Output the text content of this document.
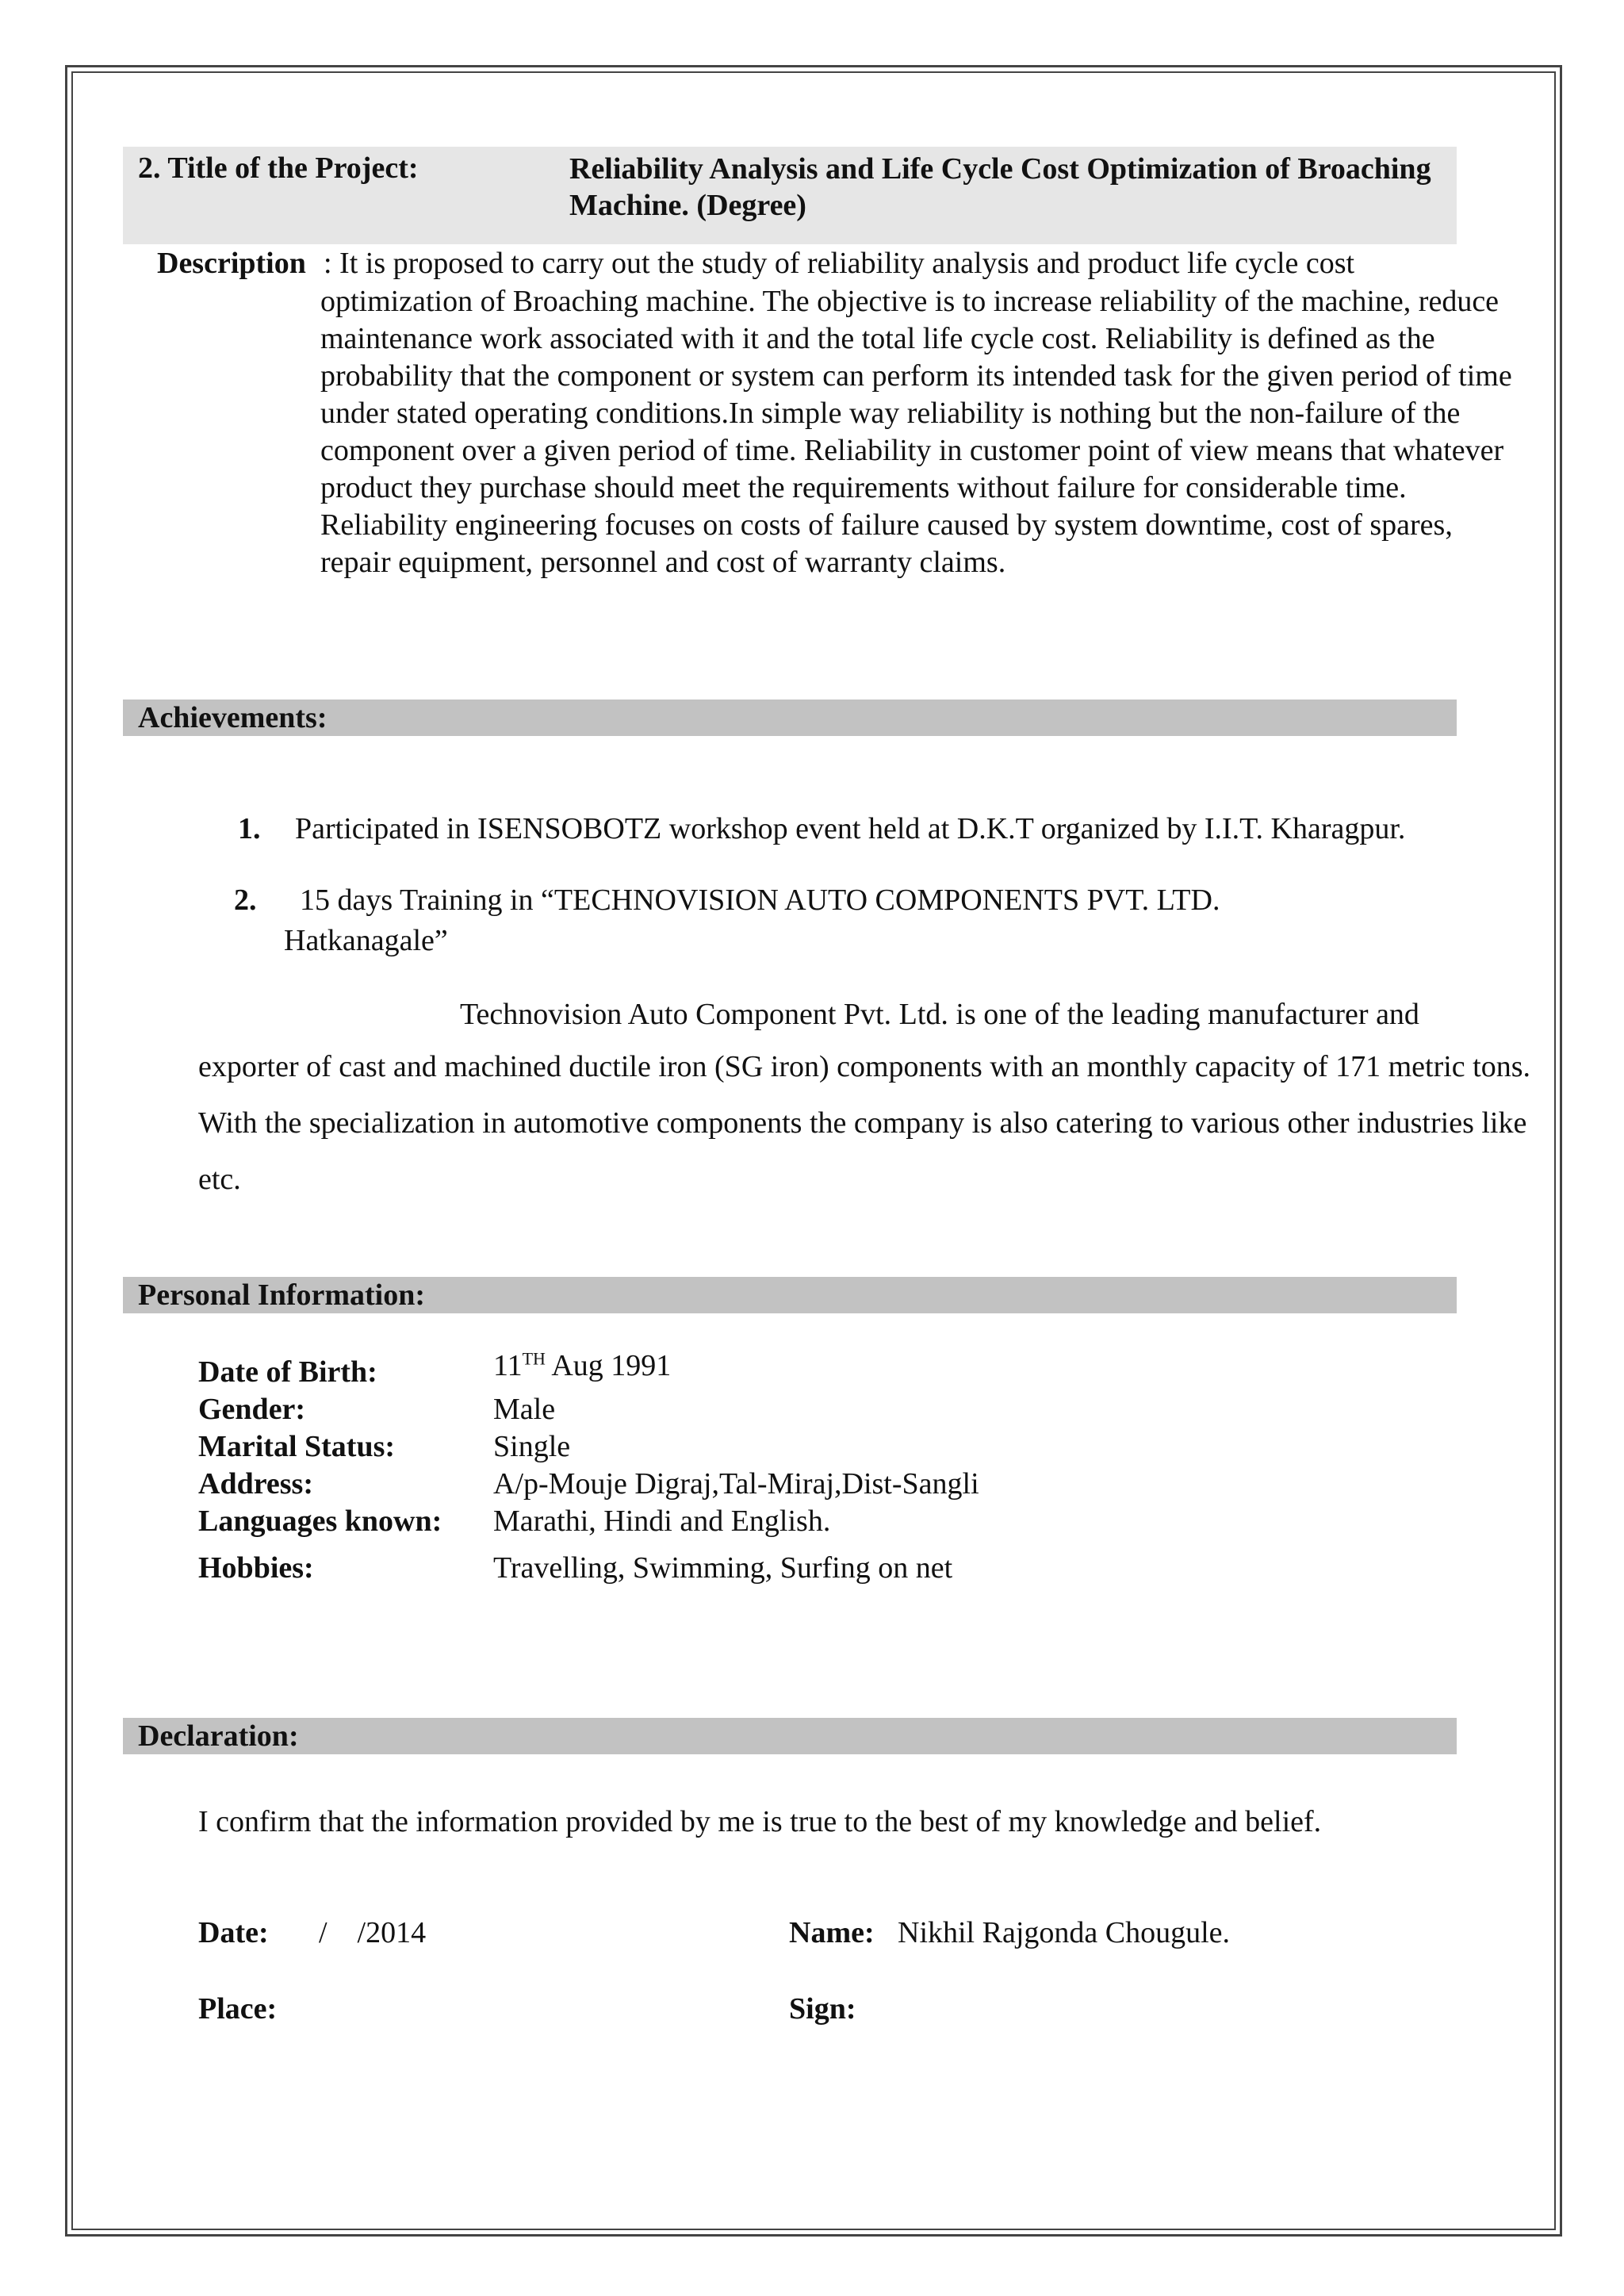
2. Title of the Project:	Reliability Analysis and Life Cycle Cost Optimization of Broaching Machine. (Degree)
Description : It is proposed to carry out the study of reliability analysis and product life cycle cost
optimization of Broaching machine. The objective is to increase reliability of the machine, reduce maintenance work associated with it and the total life cycle cost. Reliability is defined as the probability that the component or system can perform its intended task for the given period of time under stated operating conditions.In simple way reliability is nothing but the non-failure of the component over a given period of time. Reliability in customer point of view means that whatever product they purchase should meet the requirements without failure for considerable time. Reliability engineering focuses on costs of failure caused by system downtime, cost of spares, repair equipment, personnel and cost of warranty claims.
Achievements:
1. Participated in ISENSOBOTZ workshop event held at D.K.T organized by I.I.T. Kharagpur.
2. 15 days Training in “TECHNOVISION AUTO COMPONENTS PVT. LTD.
Hatkanagale”
Technovision Auto Component Pvt. Ltd. is one of the leading manufacturer and
exporter of cast and machined ductile iron (SG iron) components with an monthly capacity of 171 metric tons. With the specialization in automotive components the company is also catering to various other industries like etc.
Personal Information:
Date of Birth:	11TH Aug 1991
Gender:	Male
Marital Status:	Single
Address:	A/p-Mouje Digraj,Tal-Miraj,Dist-Sangli
Languages known: Marathi, Hindi and English.
Hobbies:	Travelling, Swimming, Surfing on net
Declaration:
I confirm that the information provided by me is true to the best of my knowledge and belief.
Date: /    /2014	Name: Nikhil Rajgonda Chougule.
Place:	Sign:
